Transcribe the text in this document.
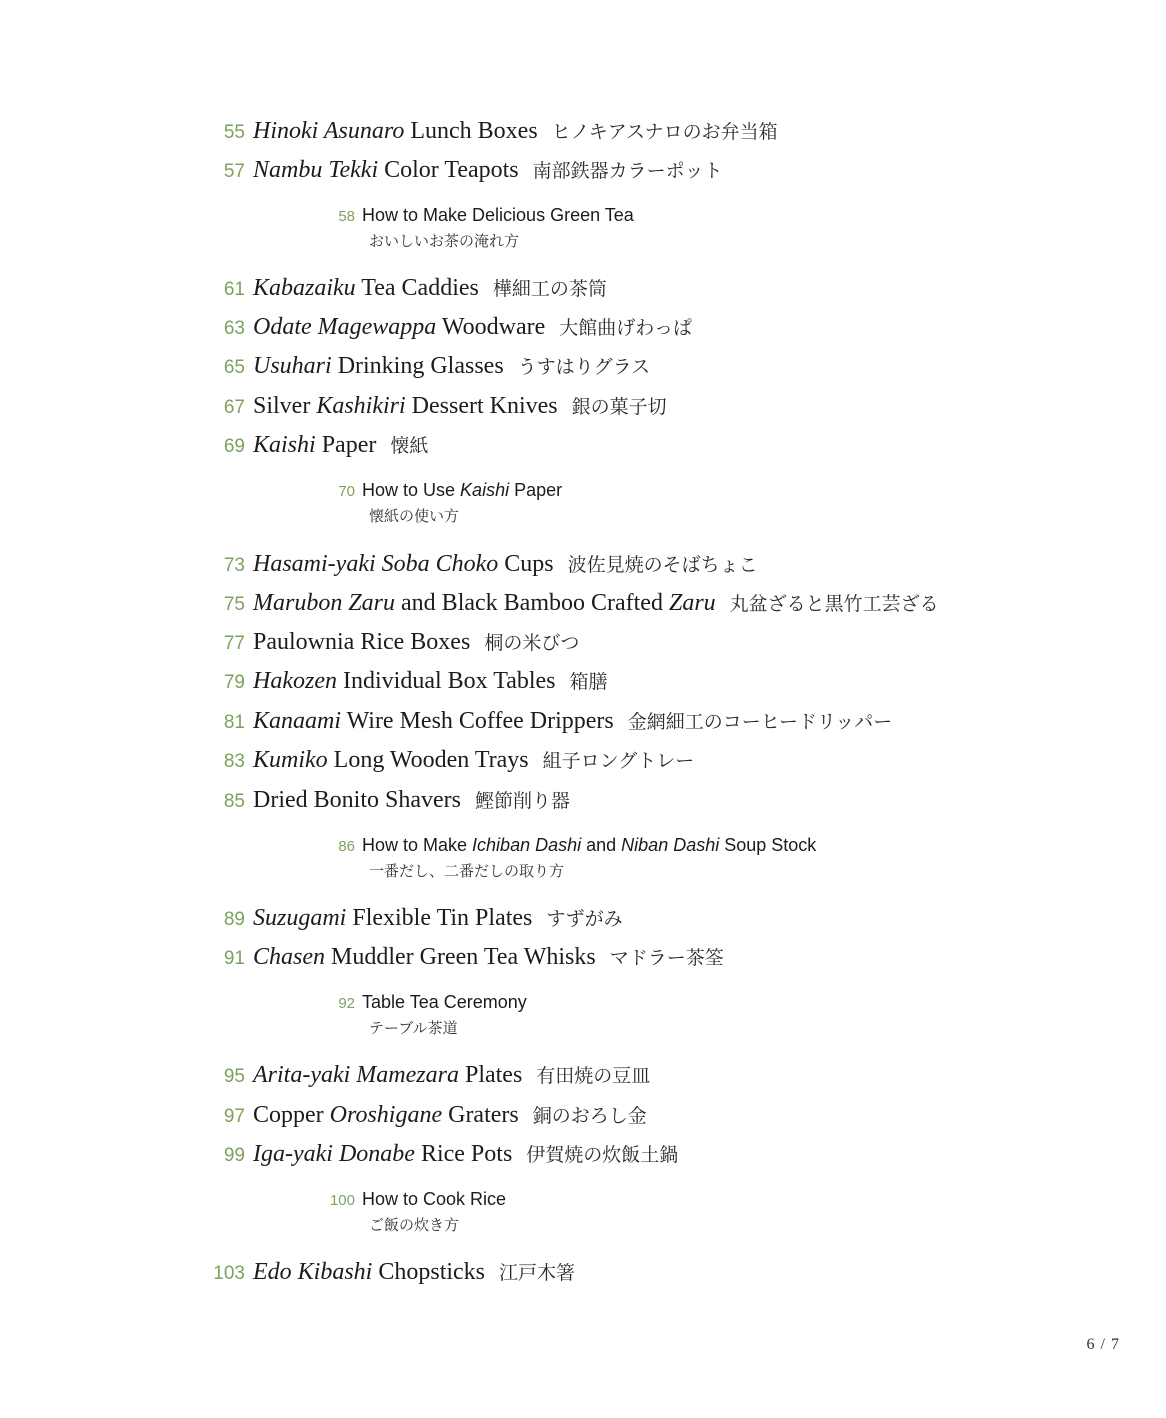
55 Hinoki Asunaro Lunch Boxes ヒノキアスナロのお弁当箱
57 Nambu Tekki Color Teapots 南部鉄器カラーポット
58 How to Make Delicious Green Tea
おいしいお茶の淹れ方
61 Kabazaiku Tea Caddies 樺細工の茶筒
63 Odate Magewappa Woodware 大館曲げわっぱ
65 Usuhari Drinking Glasses うすはりグラス
67 Silver Kashikiri Dessert Knives 銀の菓子切
69 Kaishi Paper 懐紙
70 How to Use Kaishi Paper
懐紙の使い方
73 Hasami-yaki Soba Choko Cups 波佐見焼のそばちょこ
75 Marubon Zaru and Black Bamboo Crafted Zaru 丸盆ざると黒竹工芸ざる
77 Paulownia Rice Boxes 桐の米びつ
79 Hakozen Individual Box Tables 箱膳
81 Kanaami Wire Mesh Coffee Drippers 金網細工のコーヒードリッパー
83 Kumiko Long Wooden Trays 組子ロングトレー
85 Dried Bonito Shavers 鰹節削り器
86 How to Make Ichiban Dashi and Niban Dashi Soup Stock
一番だし、二番だしの取り方
89 Suzugami Flexible Tin Plates すずがみ
91 Chasen Muddler Green Tea Whisks マドラー茶筌
92 Table Tea Ceremony
テーブル茶道
95 Arita-yaki Mamezara Plates 有田焼の豆皿
97 Copper Oroshigane Graters 銅のおろし金
99 Iga-yaki Donabe Rice Pots 伊賀焼の炊飯土鍋
100 How to Cook Rice
ご飯の炊き方
103 Edo Kibashi Chopsticks 江戸木箸
6 / 7
